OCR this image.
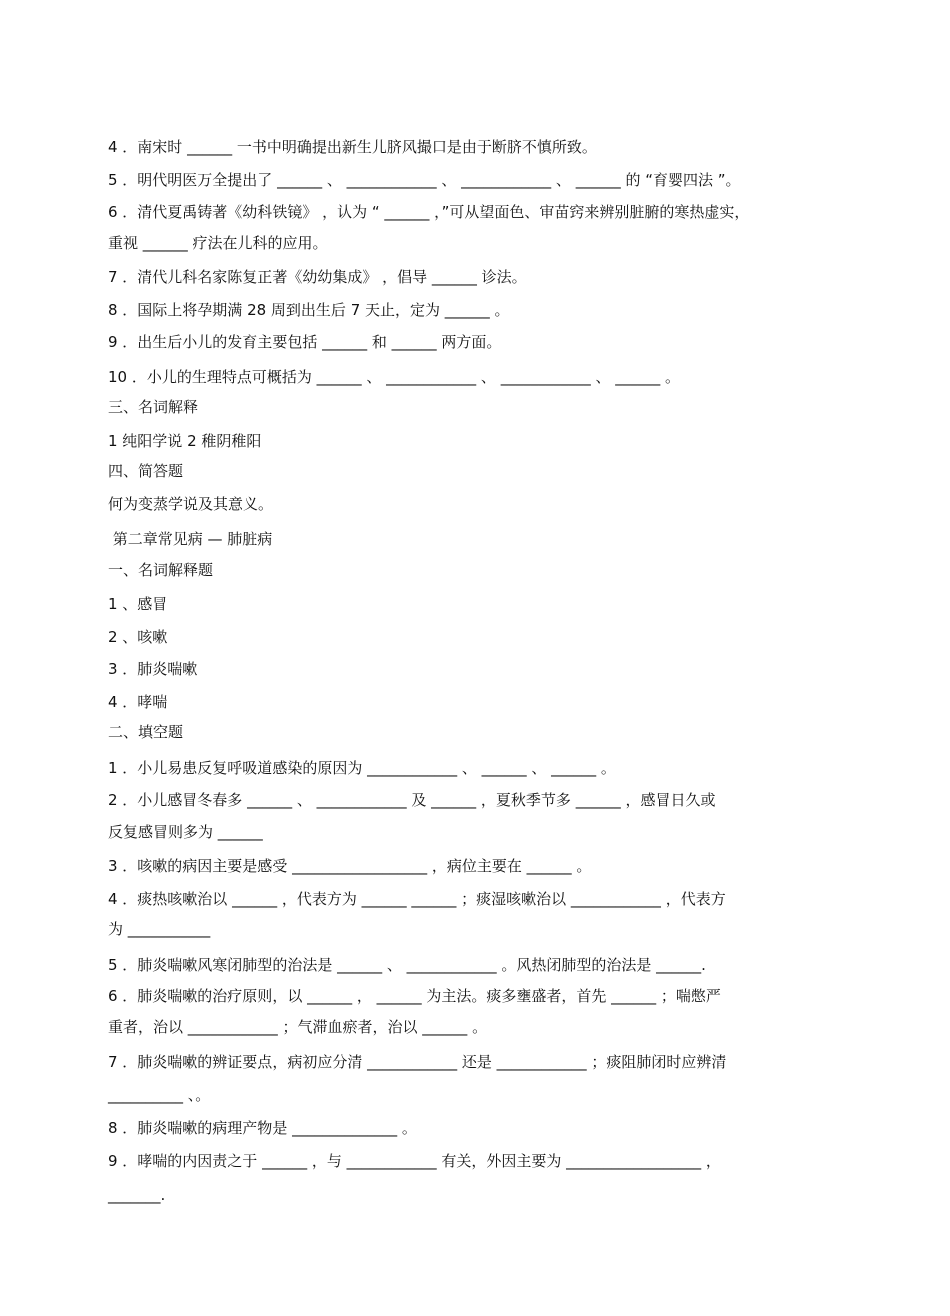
4 ．南宋时 ______ 一书中明确提出新生儿脐风撮口是由于断脐不慎所致。
5 ．明代明医万全提出了 ______ 、 ____________ 、 ____________ 、 ______ 的 “育婴四法 ”。
6 ．清代夏禹铸著《幼科铁镜》 ，认为 “ ______ ，”可从望面色、审苗窍来辨别脏腑的寒热虚实，
重视 ______ 疗法在儿科的应用。
7 ．清代儿科名家陈复正著《幼幼集成》 ，倡导 ______ 诊法。
8 ．国际上将孕期满 28 周到出生后 7 天止，定为 ______ 。
9 ．出生后小儿的发育主要包括 ______ 和 ______ 两方面。
10 ．小儿的生理特点可概括为 ______ 、 ____________ 、 ____________ 、 ______ 。
三、名词解释
1 纯阳学说 2 稚阴稚阳
四、简答题
何为变蒸学说及其意义。
第二章常见病 — 肺脏病
一、名词解释题
1 、感冒
2 、咳嗽
3 ．肺炎喘嗽
4 ．哮喘
二、填空题
1 ．小儿易患反复呼吸道感染的原因为 ____________ 、 ______ 、 ______ 。
2 ．小儿感冒冬春多 ______ 、 ____________ 及 ______ ，夏秋季节多 ______ ，感冒日久或
反复感冒则多为 ______
3 ．咳嗽的病因主要是感受 __________________ ，病位主要在 ______ 。
4 ．痰热咳嗽治以 ______ ，代表方为 ______ ______ ；痰湿咳嗽治以 ____________ ，代表方
为 ___________
5 ．肺炎喘嗽风寒闭肺型的治法是 ______ 、 ____________ 。风热闭肺型的治法是 ______.
6 ．肺炎喘嗽的治疗原则，以 ______ ， ______ 为主法。痰多壅盛者，首先 ______ ；喘憋严
重者，治以 ____________ ；气滞血瘀者，治以 ______ 。
7 ．肺炎喘嗽的辨证要点，病初应分清 ____________ 还是 ____________ ；痰阻肺闭时应辨清
__________ 、。
8 ．肺炎喘嗽的病理产物是 ______________ 。
9 ．哮喘的内因责之于 ______ ，与 ____________ 有关，外因主要为 __________________ ，
_______.
